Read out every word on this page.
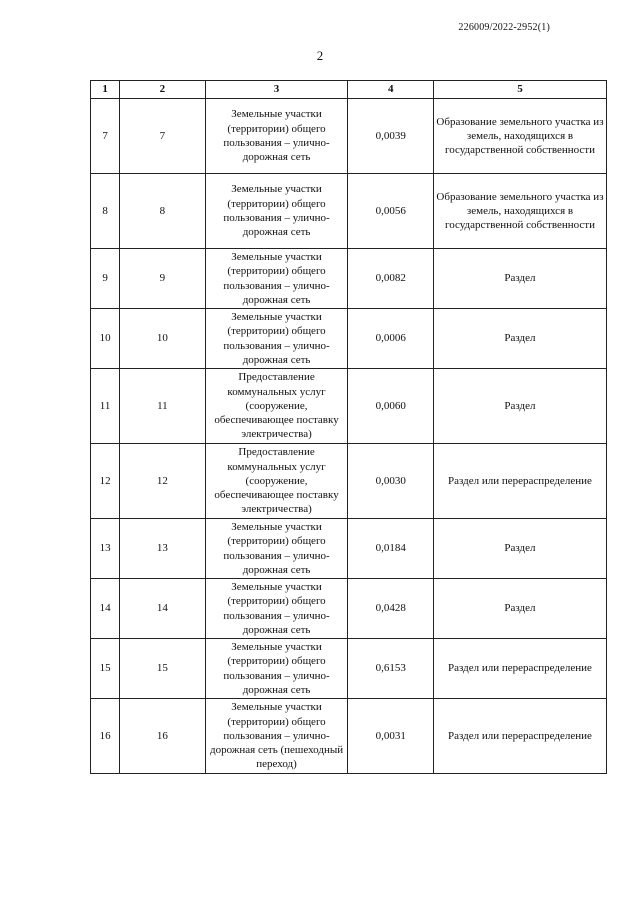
226009/2022-2952(1)
2
1	2	3	4	5
7	7	Земельные участки (территории) общего пользования – улично-дорожная сеть	0,0039	Образование земельного участка из земель, находящихся в государственной собственности
8	8	Земельные участки (территории) общего пользования – улично-дорожная сеть	0,0056	Образование земельного участка из земель, находящихся в государственной собственности
9	9	Земельные участки (территории) общего пользования – улично-дорожная сеть	0,0082	Раздел
10	10	Земельные участки (территории) общего пользования – улично-дорожная сеть	0,0006	Раздел
11	11	Предоставление коммунальных услуг (сооружение, обеспечивающее поставку электричества)	0,0060	Раздел
12	12	Предоставление коммунальных услуг (сооружение, обеспечивающее поставку электричества)	0,0030	Раздел или перераспределение
13	13	Земельные участки (территории) общего пользования – улично-дорожная сеть	0,0184	Раздел
14	14	Земельные участки (территории) общего пользования – улично-дорожная сеть	0,0428	Раздел
15	15	Земельные участки (территории) общего пользования – улично-дорожная сеть	0,6153	Раздел или перераспределение
16	16	Земельные участки (территории) общего пользования – улично-дорожная сеть (пешеходный переход)	0,0031	Раздел или перераспределение
